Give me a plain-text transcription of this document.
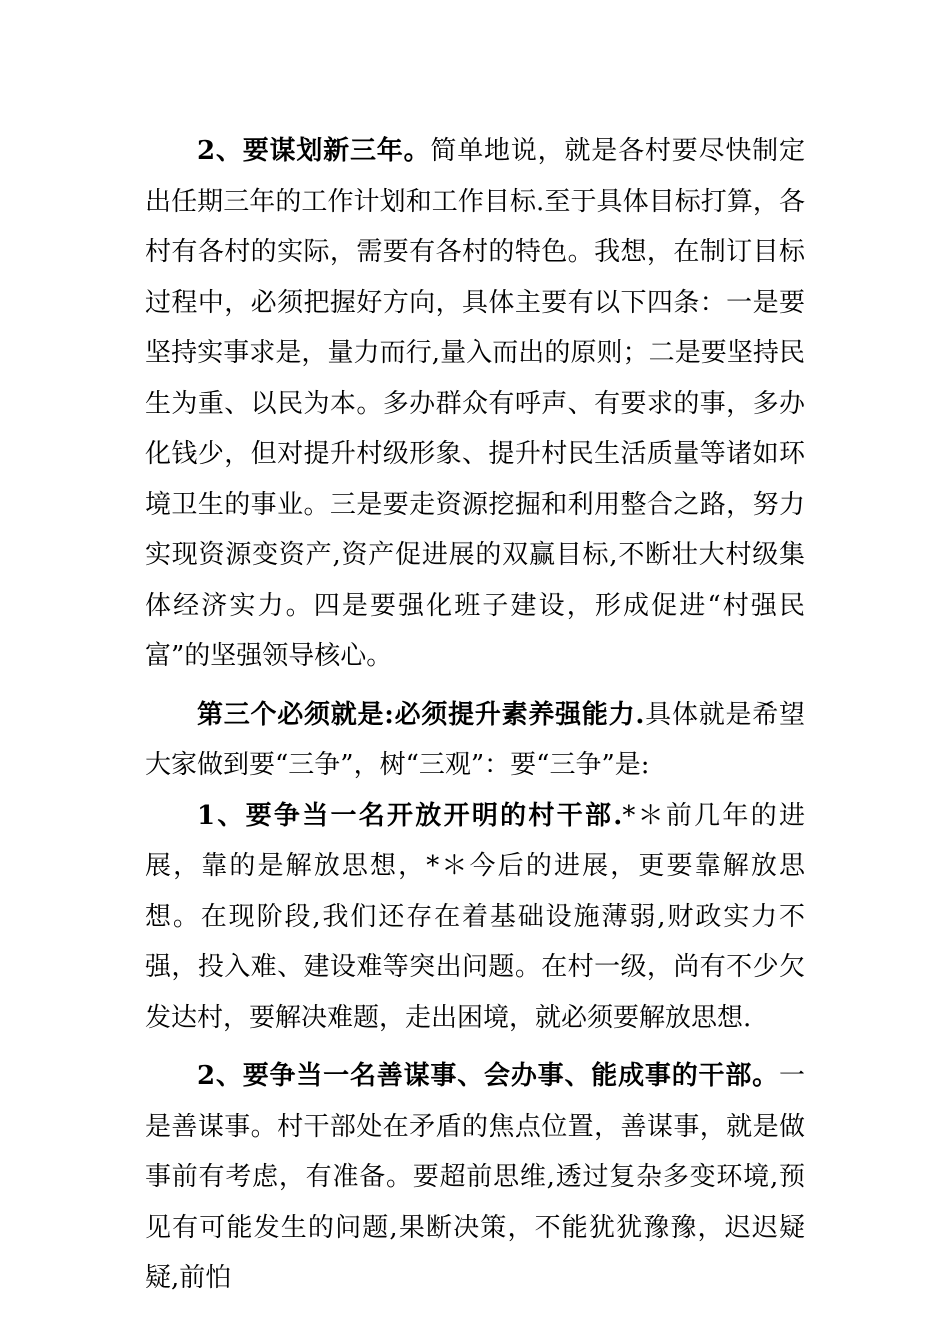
2、要谋划新三年。简单地说，就是各村要尽快制定出任期三年的工作计划和工作目标.至于具体目标打算，各村有各村的实际，需要有各村的特色。我想，在制订目标过程中，必须把握好方向，具体主要有以下四条：一是要坚持实事求是，量力而行,量入而出的原则；二是要坚持民生为重、以民为本。多办群众有呼声、有要求的事，多办化钱少，但对提升村级形象、提升村民生活质量等诸如环境卫生的事业。三是要走资源挖掘和利用整合之路，努力实现资源变资产,资产促进展的双赢目标,不断壮大村级集体经济实力。四是要强化班子建设，形成促进“村强民富”的坚强领导核心。

第三个必须就是:必须提升素养强能力.具体就是希望大家做到要“三争”，树“三观”：要“三争”是:

1、要争当一名开放开明的村干部.*＊前几年的进展，靠的是解放思想，*＊今后的进展，更要靠解放思想。在现阶段,我们还存在着基础设施薄弱,财政实力不强，投入难、建设难等突出问题。在村一级，尚有不少欠发达村，要解决难题，走出困境，就必须要解放思想.

2、要争当一名善谋事、会办事、能成事的干部。一是善谋事。村干部处在矛盾的焦点位置，善谋事，就是做事前有考虑，有准备。要超前思维,透过复杂多变环境,预见有可能发生的问题,果断决策，不能犹犹豫豫，迟迟疑疑,前怕
